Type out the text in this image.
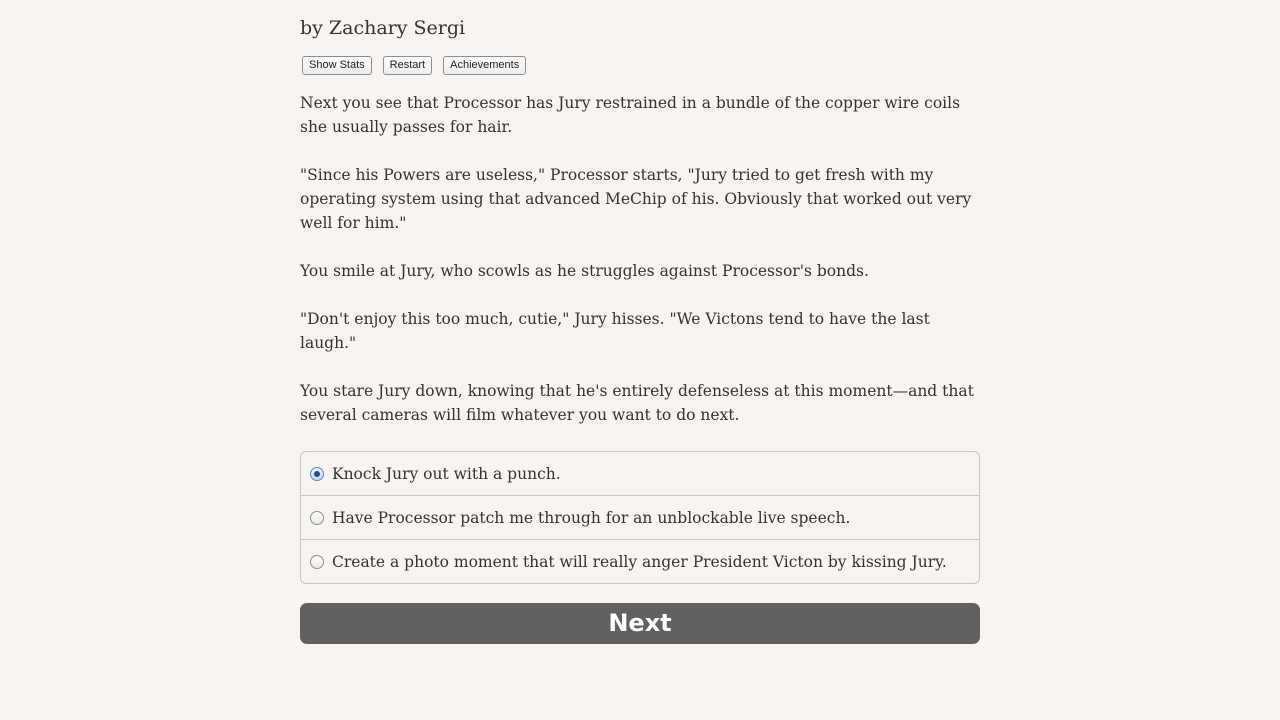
by Zachary Sergi
Show Stats	Restart	Achievements

Next you see that Processor has Jury restrained in a bundle of the copper wire coils she usually passes for hair.

"Since his Powers are useless," Processor starts, "Jury tried to get fresh with my operating system using that advanced MeChip of his. Obviously that worked out very well for him."

You smile at Jury, who scowls as he struggles against Processor's bonds.

"Don't enjoy this too much, cutie," Jury hisses. "We Victons tend to have the last laugh."

You stare Jury down, knowing that he's entirely defenseless at this moment—and that several cameras will film whatever you want to do next.

Knock Jury out with a punch.
Have Processor patch me through for an unblockable live speech.
Create a photo moment that will really anger President Victon by kissing Jury.
Next
